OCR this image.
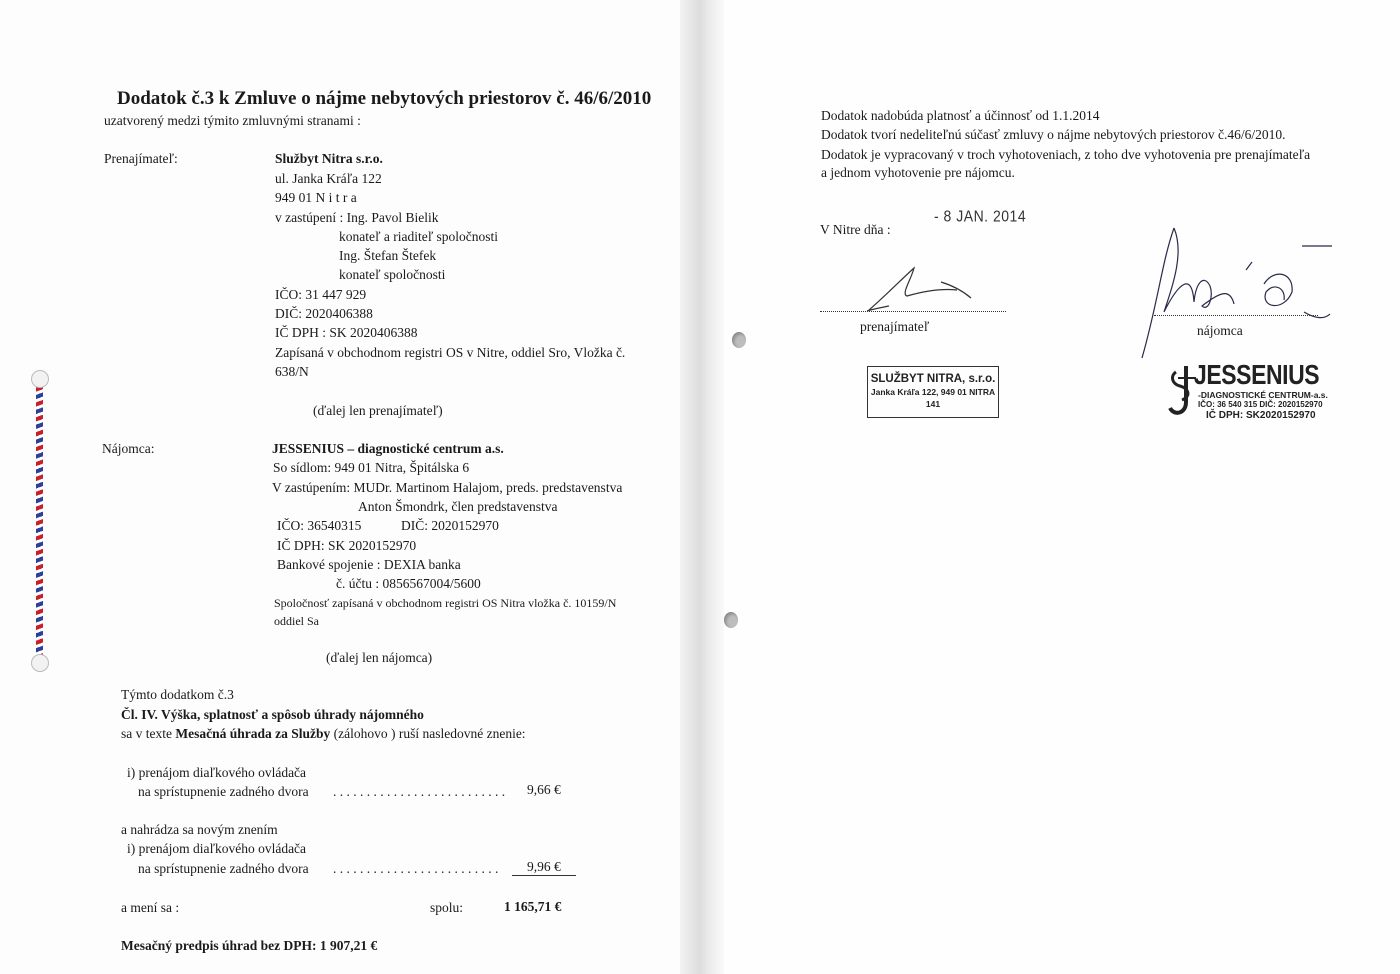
Dodatok č.3 k Zmluve o nájme nebytových priestorov č. 46/6/2010
uzatvorený medzi týmito zmluvnými stranami :
Prenajímateľ:	Službyt Nitra s.r.o.
ul. Janka Kráľa 122
949 01 N i t r a
v zastúpení : Ing. Pavol Bielik
konateľ a riaditeľ spoločnosti
Ing. Štefan Štefek
konateľ spoločnosti
IČO: 31 447 929
DIČ: 2020406388
IČ DPH : SK 2020406388
Zapísaná v obchodnom registri OS v Nitre, oddiel Sro, Vložka č.
638/N
(ďalej len prenajímateľ)
Nájomca:	JESSENIUS – diagnostické centrum a.s.
So sídlom: 949 01 Nitra, Špitálska 6
V zastúpením: MUDr. Martinom Halajom, preds. predstavenstva
Anton Šmondrk, člen predstavenstva
IČO: 36540315	DIČ: 2020152970
IČ DPH: SK 2020152970
Bankové spojenie : DEXIA banka
č. účtu : 0856567004/5600
Spoločnosť zapísaná v obchodnom registri OS Nitra vložka č. 10159/N
oddiel Sa
(ďalej len nájomca)
Týmto dodatkom č.3
Čl. IV. Výška, splatnosť a spôsob úhrady nájomného
sa v texte Mesačná úhrada za Služby (zálohovo ) ruší nasledovné znenie:
i) prenájom diaľkového ovládača
na sprístupnenie zadného dvora . . . . . . . . . . . . . . . . . . . . . . . . . . 9,66 €
a nahrádza sa novým znením
i) prenájom diaľkového ovládača
na sprístupnenie zadného dvora . . . . . . . . . . . . . . . . . . . . . . . . . 9,96 €
a mení sa :	spolu:	1 165,71 €
Mesačný predpis úhrad bez DPH: 1 907,21 €
Dodatok nadobúda platnosť a účinnosť od 1.1.2014
Dodatok tvorí nedeliteľnú súčasť zmluvy o nájme nebytových priestorov č.46/6/2010.
Dodatok je vypracovaný v troch vyhotoveniach, z toho dve vyhotovenia pre prenajímateľa
a jednom vyhotovenie pre nájomcu.
V Nitre dňa :
- 8 JAN. 2014
prenajímateľ	nájomca
SLUŽBYT NITRA, s.r.o.
Janka Kráľa 122, 949 01 NITRA
141
JESSENIUS
-DIAGNOSTICKÉ CENTRUM-a.s.
IČO: 36 540 315 DIČ: 2020152970
IČ DPH: SK2020152970
